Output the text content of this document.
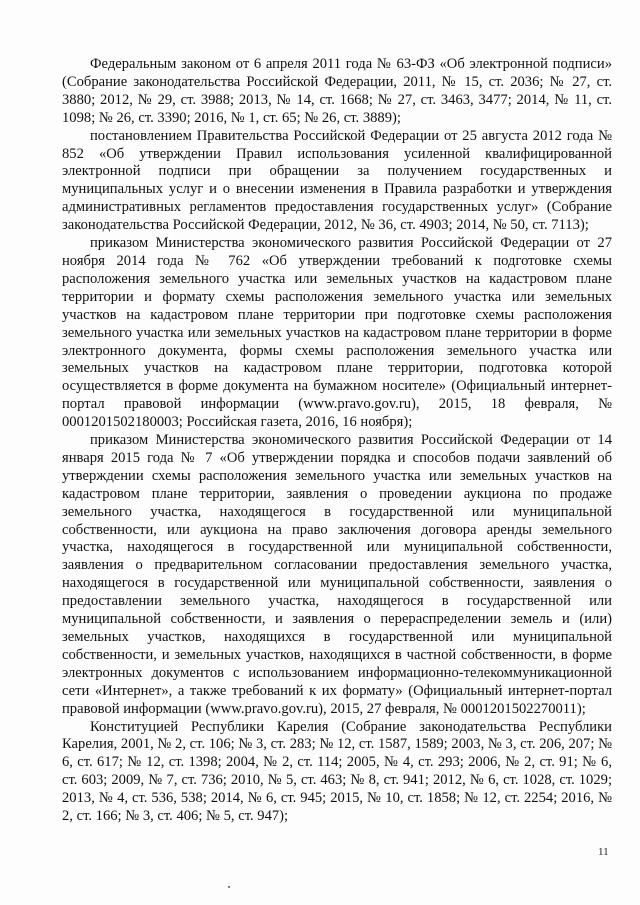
Федеральным законом от 6 апреля 2011 года № 63-ФЗ «Об электронной подписи» (Собрание законодательства Российской Федерации, 2011, № 15, ст. 2036; № 27, ст. 3880; 2012, № 29, ст. 3988; 2013, № 14, ст. 1668; № 27, ст. 3463, 3477; 2014, № 11, ст. 1098; № 26, ст. 3390; 2016, № 1, ст. 65; № 26, ст. 3889);

постановлением Правительства Российской Федерации от 25 августа 2012 года № 852 «Об утверждении Правил использования усиленной квалифицированной электронной подписи при обращении за получением государственных и муниципальных услуг и о внесении изменения в Правила разработки и утверждения административных регламентов предоставления государственных услуг» (Собрание законодательства Российской Федерации, 2012, № 36, ст. 4903; 2014, № 50, ст. 7113);

приказом Министерства экономического развития Российской Федерации от 27 ноября 2014 года № 762 «Об утверждении требований к подготовке схемы расположения земельного участка или земельных участков на кадастровом плане территории и формату схемы расположения земельного участка или земельных участков на кадастровом плане территории при подготовке схемы расположения земельного участка или земельных участков на кадастровом плане территории в форме электронного документа, формы схемы расположения земельного участка или земельных участков на кадастровом плане территории, подготовка которой осуществляется в форме документа на бумажном носителе» (Официальный интернет-портал правовой информации (www.pravo.gov.ru), 2015, 18 февраля, № 0001201502180003; Российская газета, 2016, 16 ноября);

приказом Министерства экономического развития Российской Федерации от 14 января 2015 года № 7 «Об утверждении порядка и способов подачи заявлений об утверждении схемы расположения земельного участка или земельных участков на кадастровом плане территории, заявления о проведении аукциона по продаже земельного участка, находящегося в государственной или муниципальной собственности, или аукциона на право заключения договора аренды земельного участка, находящегося в государственной или муниципальной собственности, заявления о предварительном согласовании предоставления земельного участка, находящегося в государственной или муниципальной собственности, заявления о предоставлении земельного участка, находящегося в государственной или муниципальной собственности, и заявления о перераспределении земель и (или) земельных участков, находящихся в государственной или муниципальной собственности, и земельных участков, находящихся в частной собственности, в форме электронных документов с использованием информационно-телекоммуникационной сети «Интернет», а также требований к их формату» (Официальный интернет-портал правовой информации (www.pravo.gov.ru), 2015, 27 февраля, № 0001201502270011);

Конституцией Республики Карелия (Собрание законодательства Республики Карелия, 2001, № 2, ст. 106; № 3, ст. 283; № 12, ст. 1587, 1589; 2003, № 3, ст. 206, 207; № 6, ст. 617; № 12, ст. 1398; 2004, № 2, ст. 114; 2005, № 4, ст. 293; 2006, № 2, ст. 91; № 6, ст. 603; 2009, № 7, ст. 736; 2010, № 5, ст. 463; № 8, ст. 941; 2012, № 6, ст. 1028, ст. 1029; 2013, № 4, ст. 536, 538; 2014, № 6, ст. 945; 2015, № 10, ст. 1858; № 12, ст. 2254; 2016, № 2, ст. 166; № 3, ст. 406; № 5, ст. 947);

11
